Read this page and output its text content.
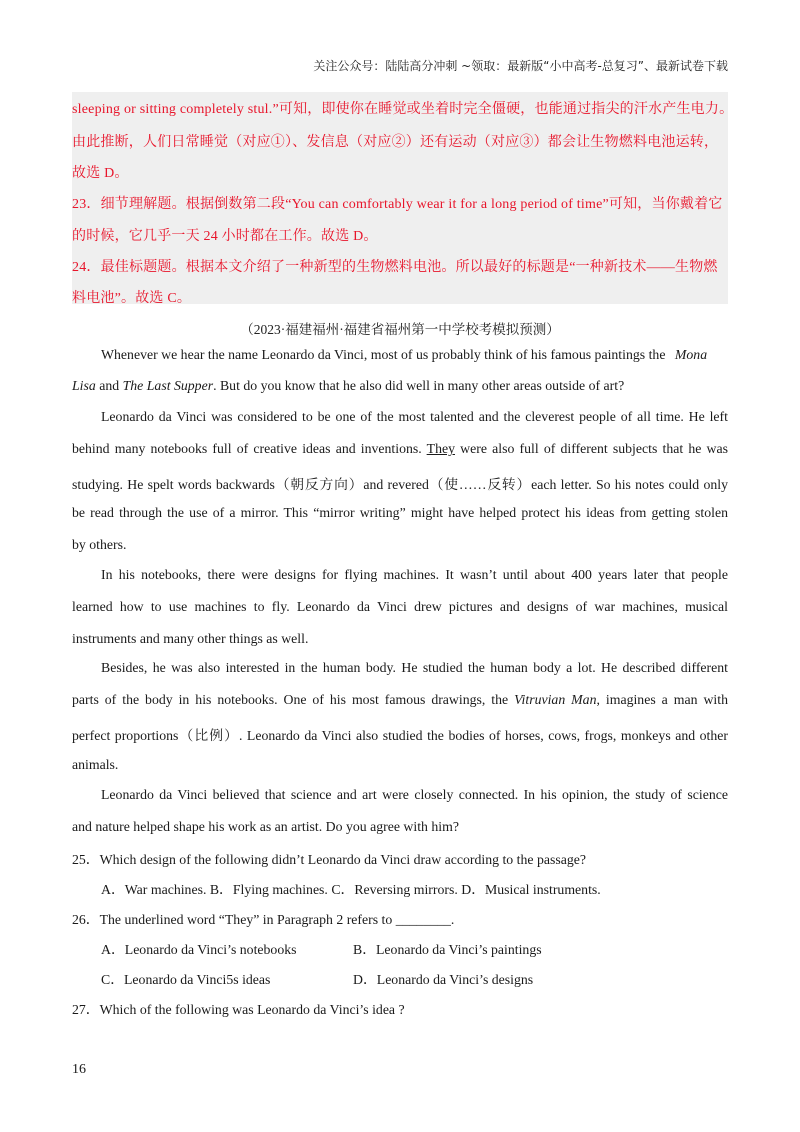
关注公众号：陆陆高分冲刺 ~领取：最新版“小中高考-总复习”、最新试卷下载
sleeping or sitting completely stul.”可知，即使你在睡觉或坐着时完全僵硬，也能通过指尖的汗水产生电力。
由此推断，人们日常睡觉（对应①）、发信息（对应②）还有运动（对应③）都会让生物燃料电池运转，
故选 D。
23．细节理解题。根据倒数第二段“You can comfortably wear it for a long period of time”可知，当你戴着它
的时候，它几乎一天 24 小时都在工作。故选 D。
24．最佳标题题。根据本文介绍了一种新型的生物燃料电池。所以最好的标题是“一种新技术——生物燃
料电池”。故选 C。
（2023·福建福州·福建省福州第一中学校考模拟预测）
Whenever we hear the name Leonardo da Vinci, most of us probably think of his famous paintings the Mona
Lisa and The Last Supper. But do you know that he also did well in many other areas outside of art?
Leonardo da Vinci was considered to be one of the most talented and the cleverest people of all time. He left
behind many notebooks full of creative ideas and inventions. They were also full of different subjects that he was
studying. He spelt words backwards（朝反方向）and revered（使……反转）each letter. So his notes could only
be read through the use of a mirror. This “mirror writing” might have helped protect his ideas from getting stolen
by others.
In his notebooks, there were designs for flying machines. It wasn’t until about 400 years later that people
learned how to use machines to fly. Leonardo da Vinci drew pictures and designs of war machines, musical
instruments and many other things as well.
Besides, he was also interested in the human body. He studied the human body a lot. He described different
parts of the body in his notebooks. One of his most famous drawings, the Vitruvian Man, imagines a man with
perfect proportions（比例）. Leonardo da Vinci also studied the bodies of horses, cows, frogs, monkeys and other
animals.
Leonardo da Vinci believed that science and art were closely connected. In his opinion, the study of science
and nature helped shape his work as an artist. Do you agree with him?
25．Which design of the following didn’t Leonardo da Vinci draw according to the passage?
A．War machines. B．Flying machines. C．Reversing mirrors. D．Musical instruments.
26．The underlined word “They” in Paragraph 2 refers to ________.
A．Leonardo da Vinci’s notebooks	B．Leonardo da Vinci’s paintings
C．Leonardo da Vinci5s ideas	D．Leonardo da Vinci’s designs
27．Which of the following was Leonardo da Vinci’s idea ?
16
